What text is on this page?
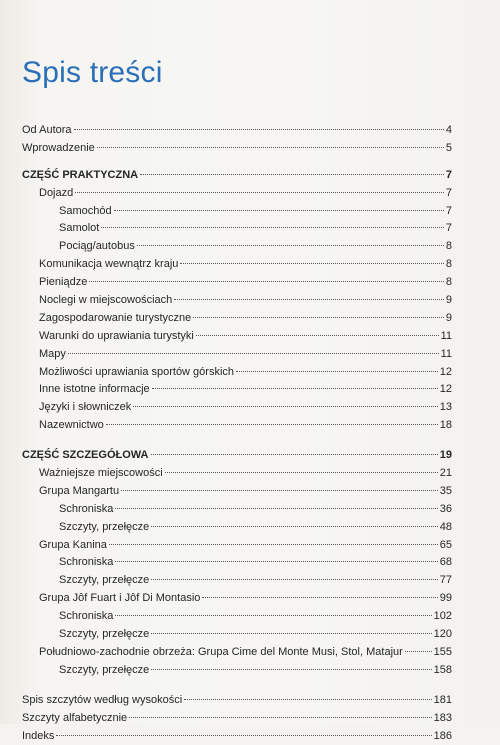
Spis treści
Od Autora	4
Wprowadzenie	5
CZĘŚĆ PRAKTYCZNA	7
Dojazd	7
Samochód	7
Samolot	7
Pociąg/autobus	8
Komunikacja wewnątrz kraju	8
Pieniądze	8
Noclegi w miejscowościach	9
Zagospodarowanie turystyczne	9
Warunki do uprawiania turystyki	11
Mapy	11
Możliwości uprawiania sportów górskich	12
Inne istotne informacje	12
Języki i słowniczek	13
Nazewnictwo	18
CZĘŚĆ SZCZEGÓŁOWA	19
Ważniejsze miejscowości	21
Grupa Mangartu	35
Schroniska	36
Szczyty, przełęcze	48
Grupa Kanina	65
Schroniska	68
Szczyty, przełęcze	77
Grupa Jôf Fuart i Jôf Di Montasio	99
Schroniska	102
Szczyty, przełęcze	120
Południowo-zachodnie obrzeża: Grupa Cime del Monte Musi, Stol, Matajur	155
Szczyty, przełęcze	158
Spis szczytów według wysokości	181
Szczyty alfabetycznie	183
Indeks	186
